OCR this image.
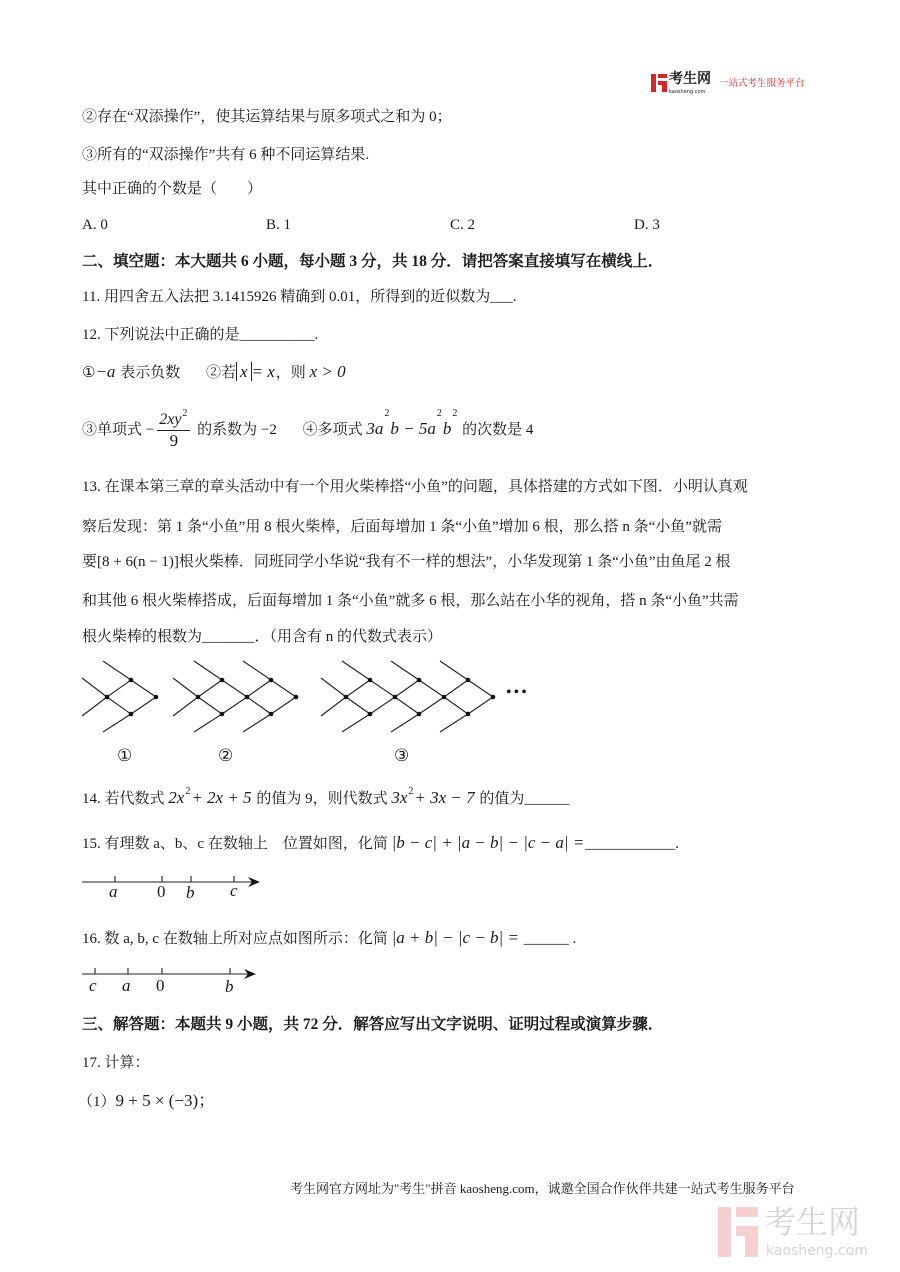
考生网
kaosheng.com
一站式考生服务平台
②存在“双添操作”，使其运算结果与原多项式之和为 0；
③所有的“双添操作”共有 6 种不同运算结果.
其中正确的个数是（　　）
A. 0	B. 1	C. 2	D. 3
二、填空题：本大题共 6 小题，每小题 3 分，共 18 分．请把答案直接填写在横线上．
11. 用四舍五入法把 3.1415926 精确到 0.01，所得到的近似数为___.
12. 下列说法中正确的是__________.
①−a 表示负数 ②若 x= x，则 x > 0
③单项式 − $\frac{2xy^2}{9}$ 的系数为 −2 ④多项式 $3a^2b - 5a^2b^2$ 的次数是 4
13. 在课本第三章的章头活动中有一个用火柴棒搭“小鱼”的问题，具体搭建的方式如下图．小明认真观
察后发现：第 1 条“小鱼”用 8 根火柴棒，后面每增加 1 条“小鱼”增加 6 根，那么搭 n 条“小鱼”就需
要[8 + 6(n − 1)]根火柴棒．同班同学小华说“我有不一样的想法”，小华发现第 1 条“小鱼”由鱼尾 2 根
和其他 6 根火柴棒搭成，后面每增加 1 条“小鱼”就多 6 根，那么站在小华的视角，搭 n 条“小鱼”共需
根火柴棒的根数为_______．（用含有 n 的代数式表示）
•••
①	②	③
14. 若代数式 $2x^2+ 2x + 5$ 的值为 9，则代数式 $3x^2+ 3x - 7$ 的值为______
15. 有理数 a、b、c 在数轴上　位置如图，化简 |b − c| + |a − b| − |c − a| =____________.
a 0 b c
16. 数 a, b, c 在数轴上所对应点如图所示：化简 |a + b| − |c − b| = ______ .
c a 0	b
三、解答题：本题共 9 小题，共 72 分．解答应写出文字说明、证明过程或演算步骤．
17. 计算：
（1）9 + 5 × (−3)；
考生网官方网址为"考生"拼音 kaosheng.com，诚邀全国合作伙伴共建一站式考生服务平台
考生网
kaosheng.com
